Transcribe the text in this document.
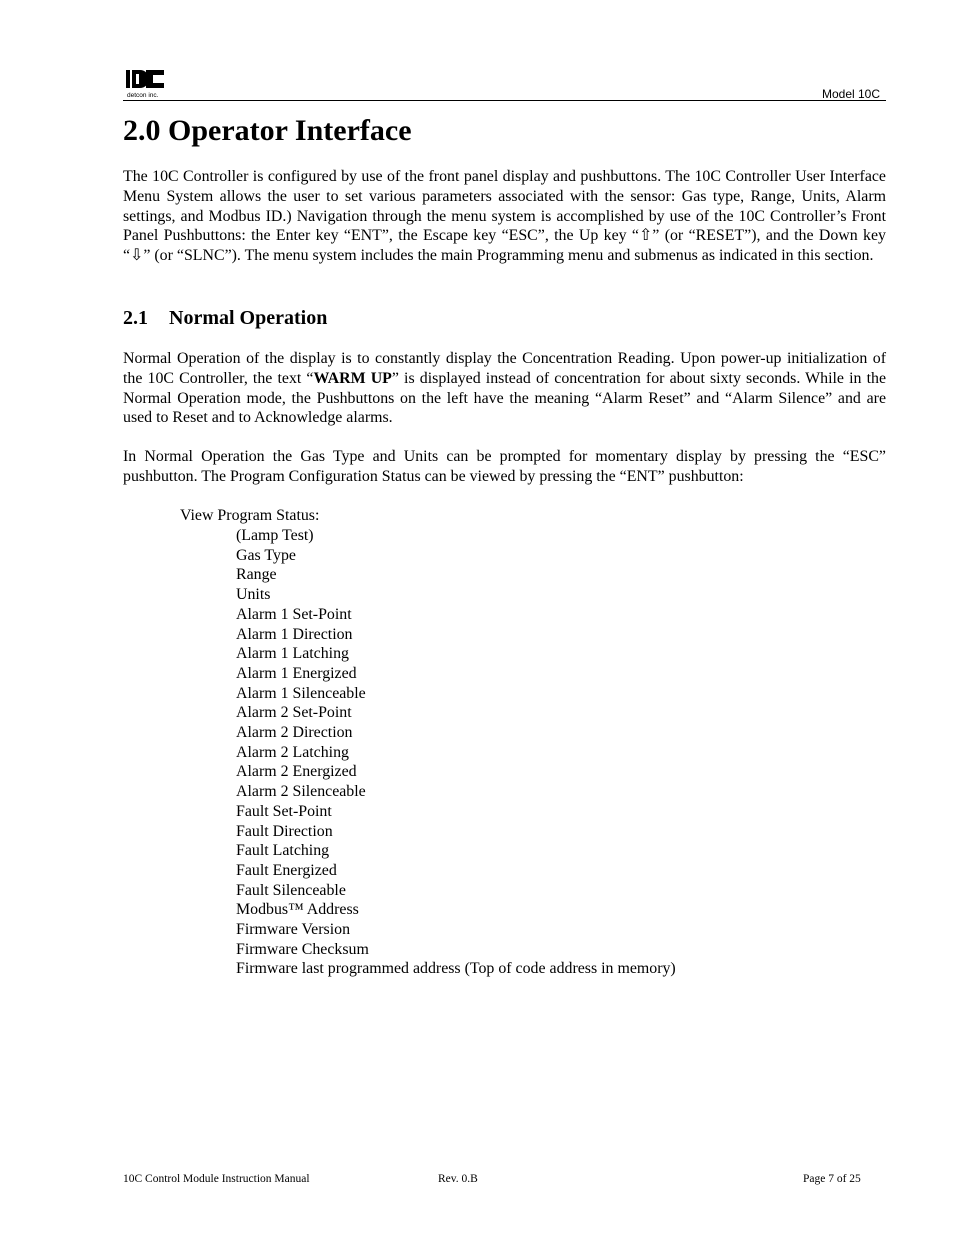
detcon inc.	Model 10C
2.0 Operator Interface

The 10C Controller is configured by use of the front panel display and pushbuttons. The 10C Controller User Interface Menu System allows the user to set various parameters associated with the sensor: Gas type, Range, Units, Alarm settings, and Modbus ID.) Navigation through the menu system is accomplished by use of the 10C Controller’s Front Panel Pushbuttons: the Enter key “ENT”, the Escape key “ESC”, the Up key “⇧” (or “RESET”), and the Down key “⇩” (or “SLNC”). The menu system includes the main Programming menu and submenus as indicated in this section.

2.1 Normal Operation

Normal Operation of the display is to constantly display the Concentration Reading. Upon power-up initialization of the 10C Controller, the text “WARM UP” is displayed instead of concentration for about sixty seconds. While in the Normal Operation mode, the Pushbuttons on the left have the meaning “Alarm Reset” and “Alarm Silence” and are used to Reset and to Acknowledge alarms.

In Normal Operation the Gas Type and Units can be prompted for momentary display by pressing the “ESC” pushbutton. The Program Configuration Status can be viewed by pressing the “ENT” pushbutton:

View Program Status:
(Lamp Test)
Gas Type
Range
Units
Alarm 1 Set-Point
Alarm 1 Direction
Alarm 1 Latching
Alarm 1 Energized
Alarm 1 Silenceable
Alarm 2 Set-Point
Alarm 2 Direction
Alarm 2 Latching
Alarm 2 Energized
Alarm 2 Silenceable
Fault Set-Point
Fault Direction
Fault Latching
Fault Energized
Fault Silenceable
Modbus™ Address
Firmware Version
Firmware Checksum
Firmware last programmed address (Top of code address in memory)
10C Control Module Instruction Manual	Rev. 0.B	Page 7 of 25
